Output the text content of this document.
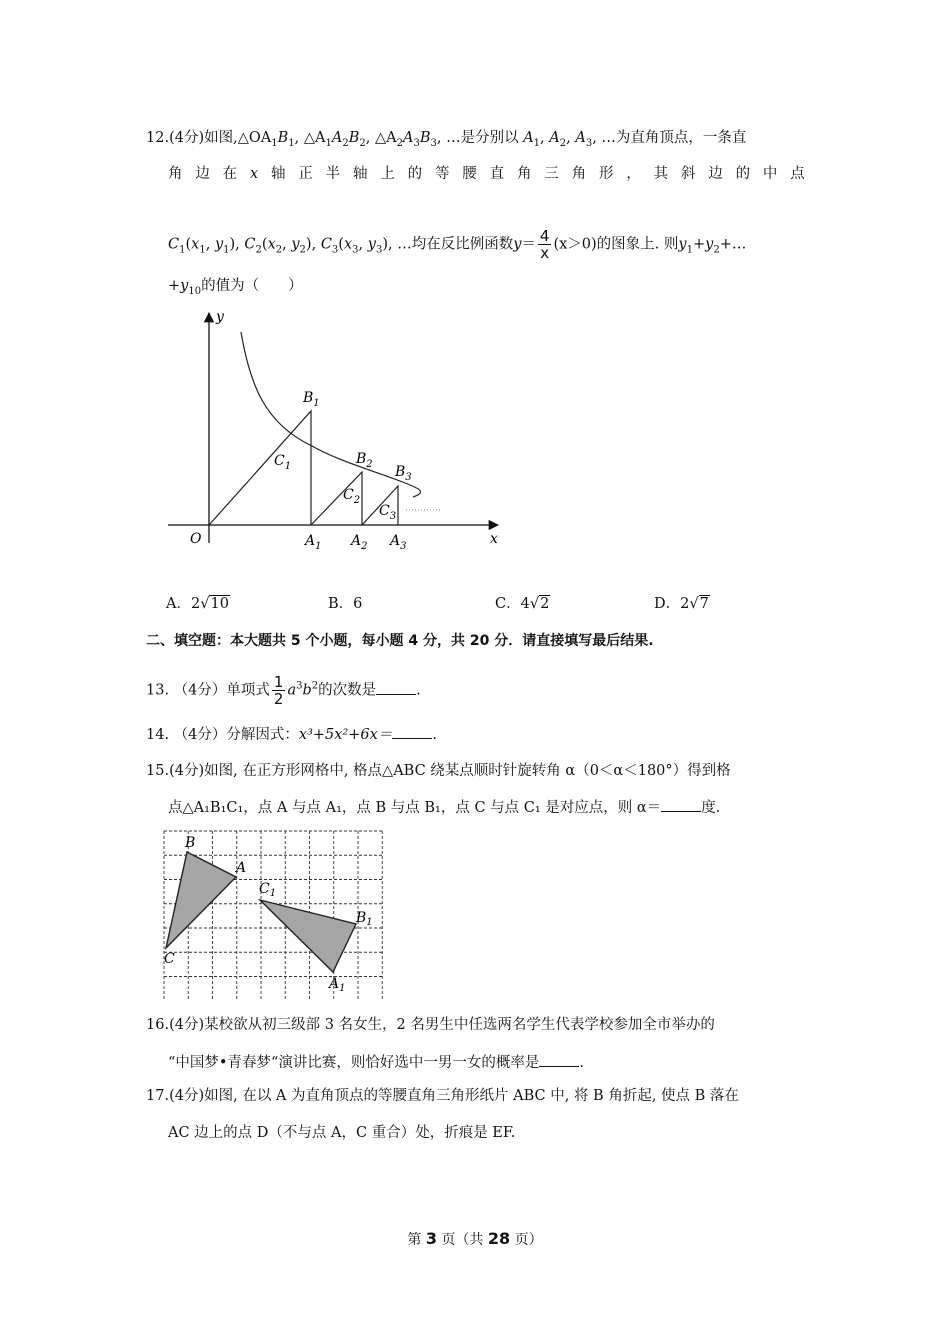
12.(4分)如图$,\triangle OA_1B_1$, $\triangle A_1A_2B_2$, $\triangle A_2A_3B_3$, …是分别以 $A_1$, $A_2$, $A_3$, …为直角顶点，一条直
角 边 在 x 轴 正 半 轴 上 的 等 腰 直 角 三 角 形 ， 其 斜 边 的 中 点
$C_1(x_1$, $y_1$), $C_2(x_2$, $y_2$), $C_3(x_3$, $y_3$), …均在反比例函数$y= \frac{4}{x} (x>0)$的图象上. 则$y_1+y_2+\dots$
$+y_{10}$的值为（　　）
y
x
O
$B_1$
$B_2$ $B_3$
$C_1$
$C_2$
$C_3$
$A_1$ $A_2$ $A_3$
A．2√10	B．6	C．4√2	D．2√7
二、填空题：本大题共 5 个小题，每小题 4 分，共 20 分．请直接填写最后结果.
13. （4分）单项式 $\frac{1}{2} a^3b^2$的次数是	.
14. （4分）分解因式：x³+5x²+6x＝	.
15.(4分)如图, 在正方形网格中, 格点△ABC 绕某点顺时针旋转角 α（0＜α＜180°）得到格
点△A₁B₁C₁，点 A 与点 A₁，点 B 与点 B₁，点 C 与点 C₁ 是对应点，则 α＝	度.
B
A
C
$C_1$
$B_1$
$A_1$
16.(4分)某校欲从初三级部 3 名女生，2 名男生中任选两名学生代表学校参加全市举办的
“中国梦•青春梦“演讲比赛，则恰好选中一男一女的概率是	.
17.(4分)如图, 在以 A 为直角顶点的等腰直角三角形纸片 ABC 中, 将 B 角折起, 使点 B 落在
AC 边上的点 D（不与点 A，C 重合）处，折痕是 EF.
第 3 页（共 28 页）
